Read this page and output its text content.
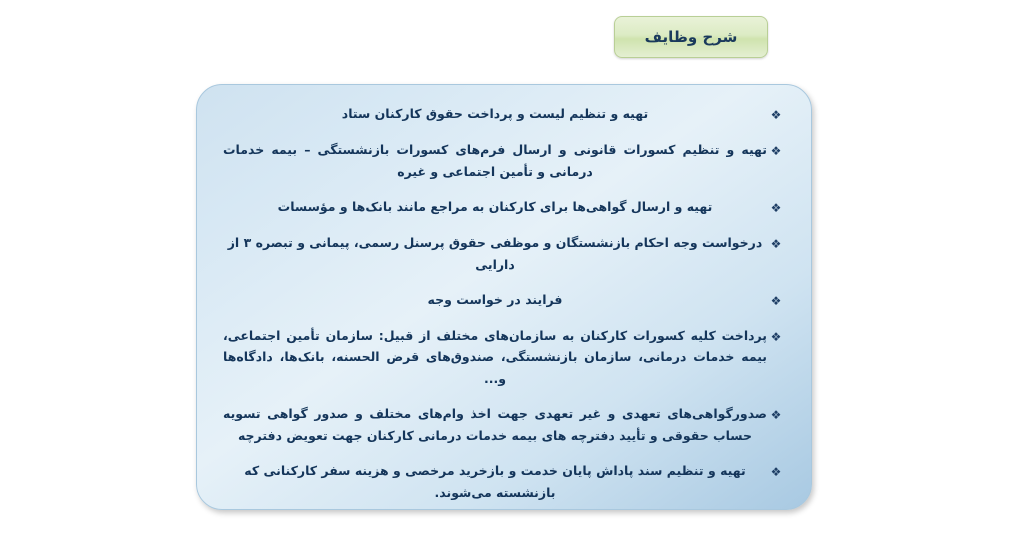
شرح وظایف
❖
تهیه و تنظیم لیست و پرداخت حقوق کارکنان ستاد
❖
تهیه و تنظیم کسورات قانونی و ارسال فرم‌های کسورات بازنشستگی – بیمه خدمات درمانی و تأمین اجتماعی و غیره
❖
تهیه و ارسال گواهی‌ها برای کارکنان به مراجع مانند بانک‌ها و مؤسسات
❖
درخواست وجه احکام بازنشستگان و موظفی حقوق پرسنل رسمی، پیمانی و تبصره ۳ از دارایی
❖
فرایند در خواست وجه
❖
پرداخت کلیه کسورات کارکنان به سازمان‌های مختلف از قبیل: سازمان تأمین اجتماعی، بیمه خدمات درمانی، سازمان بازنشستگی، صندوق‌های قرض الحسنه، بانک‌ها، دادگاه‌ها و...
❖
صدورگواهی‌های تعهدی و غیر تعهدی جهت اخذ وام‌های مختلف و صدور گواهی تسویه حساب حقوقی و تأیید دفترچه های بیمه خدمات درمانی کارکنان جهت تعویض دفترچه
❖
تهیه و تنظیم سند پاداش پایان خدمت و بازخرید مرخصی و هزینه سفر کارکنانی که بازنشسته می‌شوند.
